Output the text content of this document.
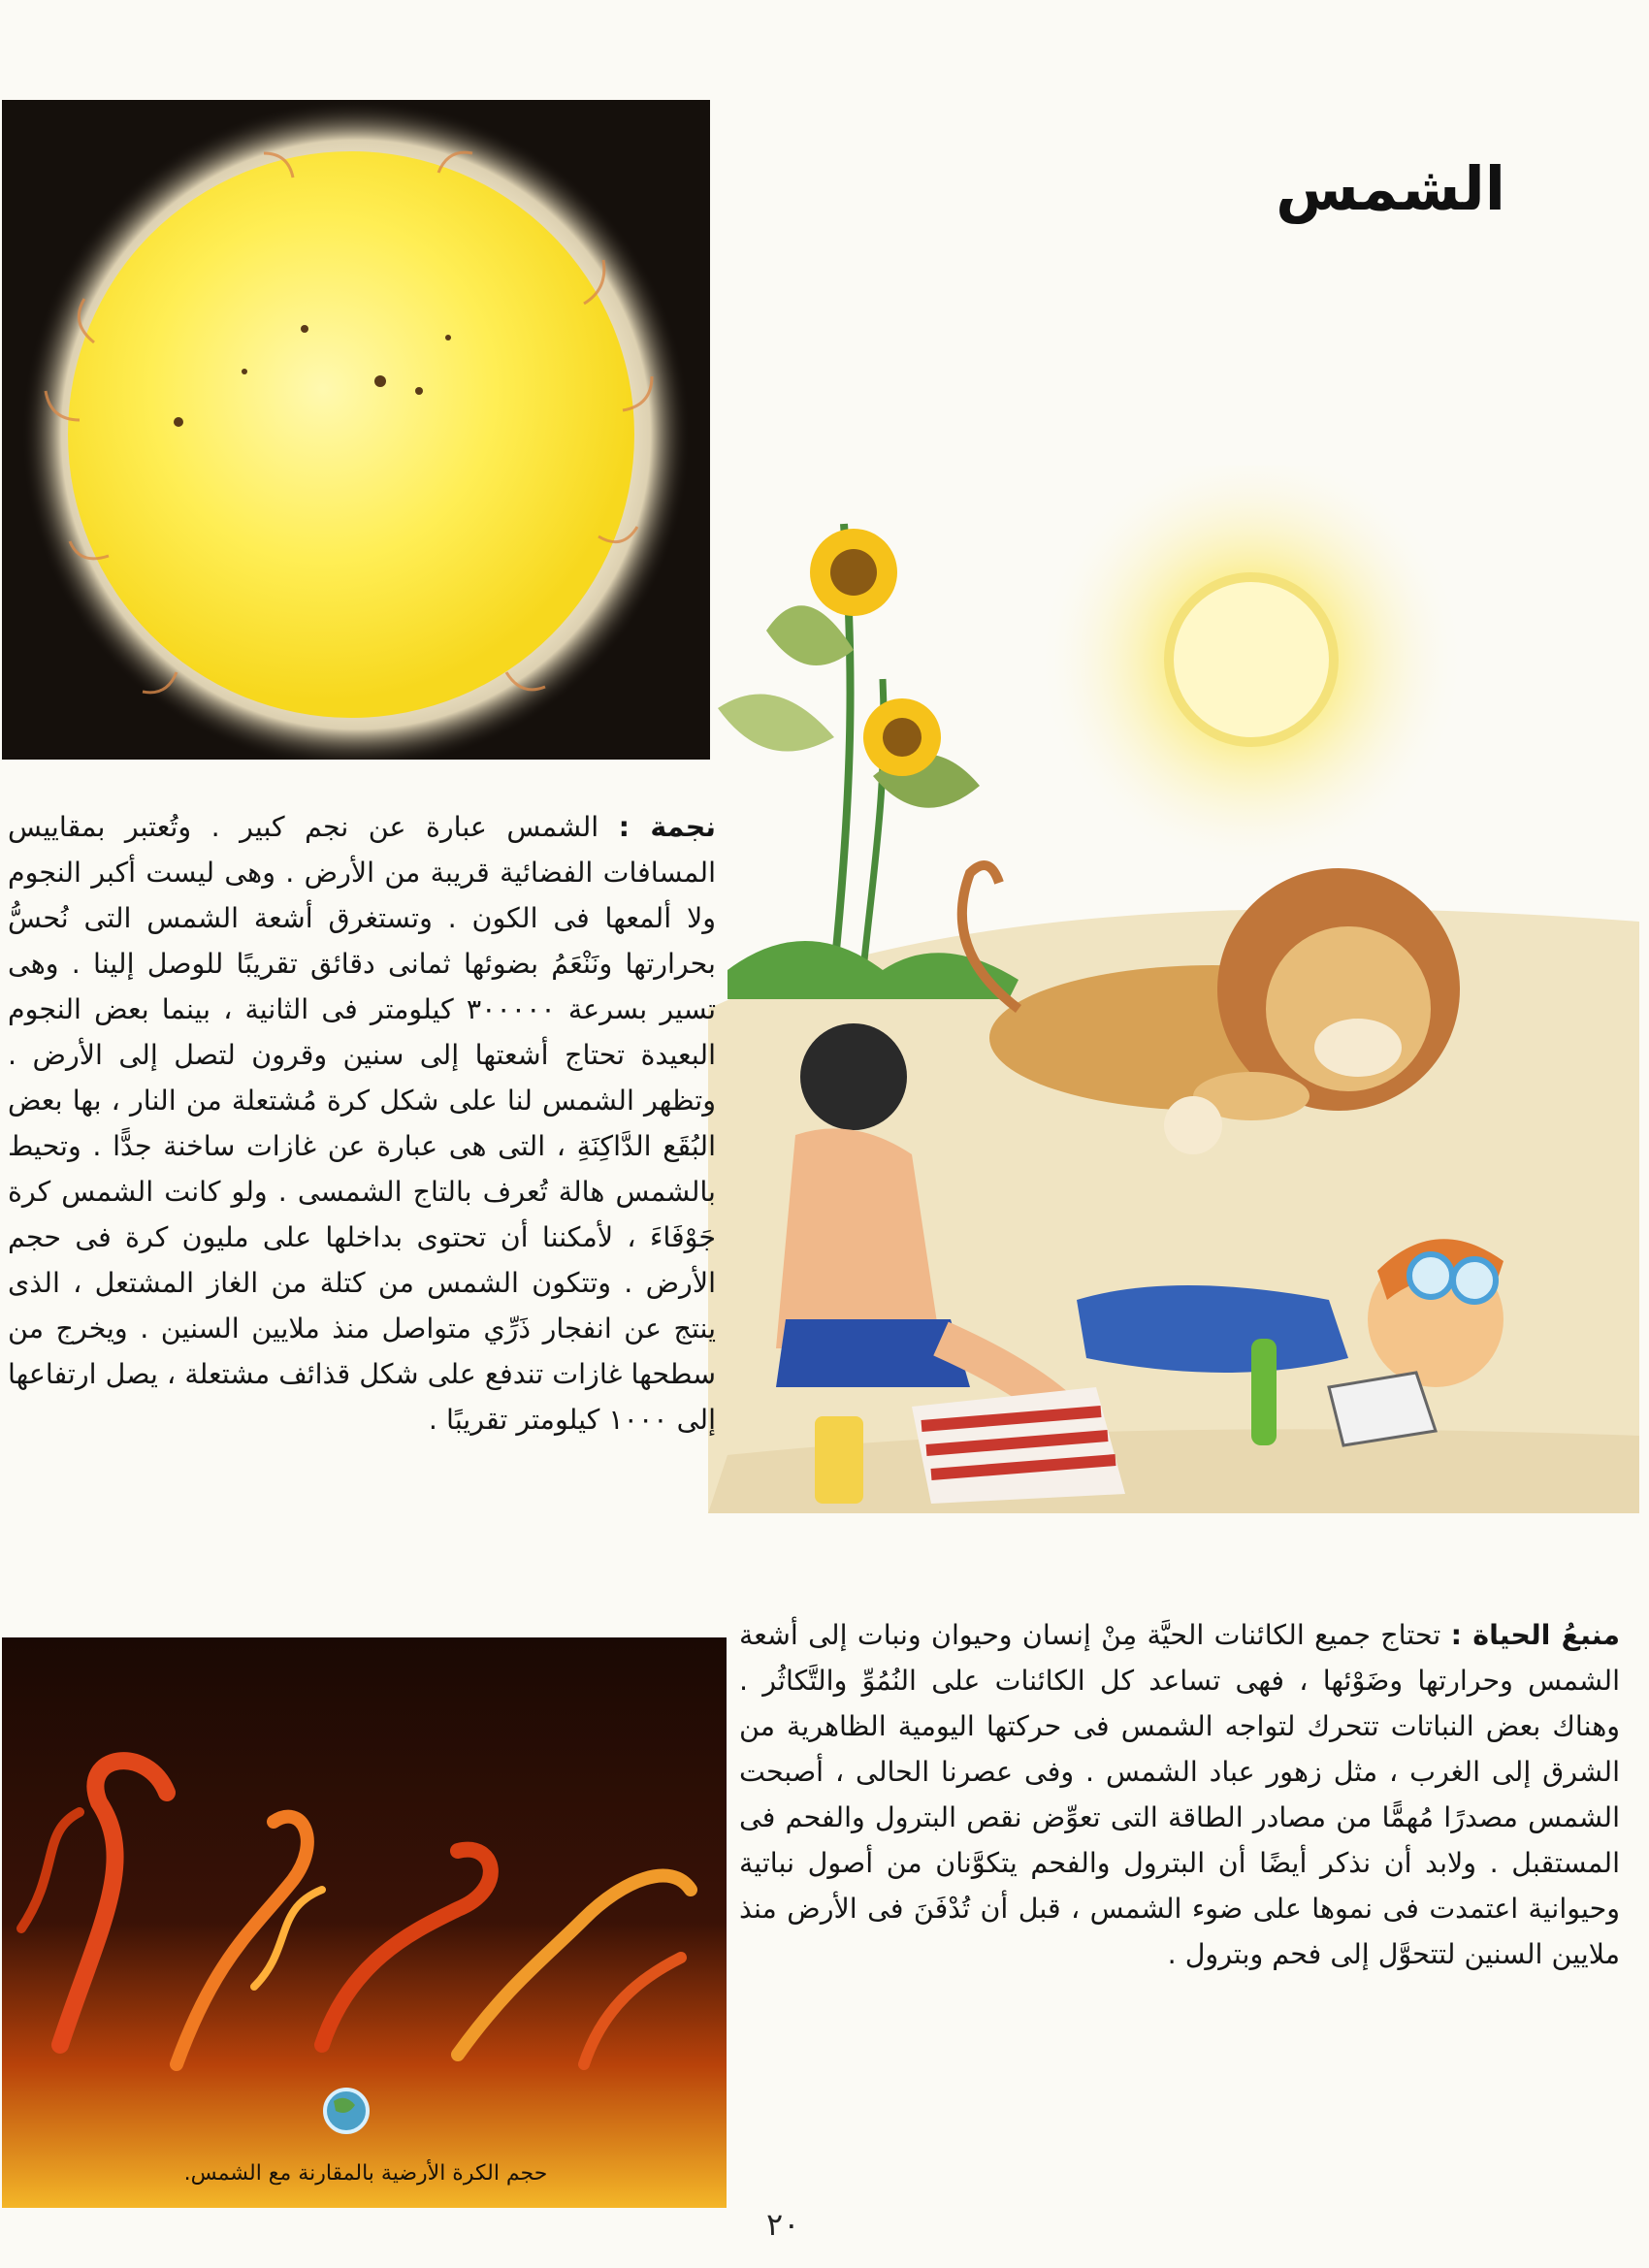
الشمس
حجم الكرة الأرضية بالمقارنة مع الشمس.

نجمة : الشمس عبارة عن نجم كبير . وتُعتبر بمقاييس المسافات الفضائية قريبة من الأرض . وهى ليست أكبر النجوم ولا ألمعها فى الكون . وتستغرق أشعة الشمس التى نُحسُّ بحرارتها ونَنْعَمُ بضوئها ثمانى دقائق تقريبًا للوصل إلينا . وهى تسير بسرعة ٣٠٠٠٠٠ كيلومتر فى الثانية ، بينما بعض النجوم البعيدة تحتاج أشعتها إلى سنين وقرون لتصل إلى الأرض . وتظهر الشمس لنا على شكل كرة مُشتعلة من النار ، بها بعض البُقَع الدَّاكِنَةِ ، التى هى عبارة عن غازات ساخنة جدًّا . وتحيط بالشمس هالة تُعرف بالتاج الشمسى . ولو كانت الشمس كرة جَوْفَاءَ ، لأمكننا أن تحتوى بداخلها على مليون كرة فى حجم الأرض . وتتكون الشمس من كتلة من الغاز المشتعل ، الذى ينتج عن انفجار ذَرِّي متواصل منذ ملايين السنين . ويخرج من سطحها غازات تندفع على شكل قذائف مشتعلة ، يصل ارتفاعها إلى ١٠٠٠ كيلومتر تقريبًا .

منبعُ الحياة : تحتاج جميع الكائنات الحيَّة مِنْ إنسان وحيوان ونبات إلى أشعة الشمس وحرارتها وضَوْئها ، فهى تساعد كل الكائنات على النُمُوِّ والتَّكاثُر . وهناك بعض النباتات تتحرك لتواجه الشمس فى حركتها اليومية الظاهرية من الشرق إلى الغرب ، مثل زهور عباد الشمس . وفى عصرنا الحالى ، أصبحت الشمس مصدرًا مُهمًّا من مصادر الطاقة التى تعوِّض نقص البترول والفحم فى المستقبل . ولابد أن نذكر أيضًا أن البترول والفحم يتكوَّنان من أصول نباتية وحيوانية اعتمدت فى نموها على ضوء الشمس ، قبل أن تُدْفَنَ فى الأرض منذ ملايين السنين لتتحوَّل إلى فحم وبترول .

٢٠
